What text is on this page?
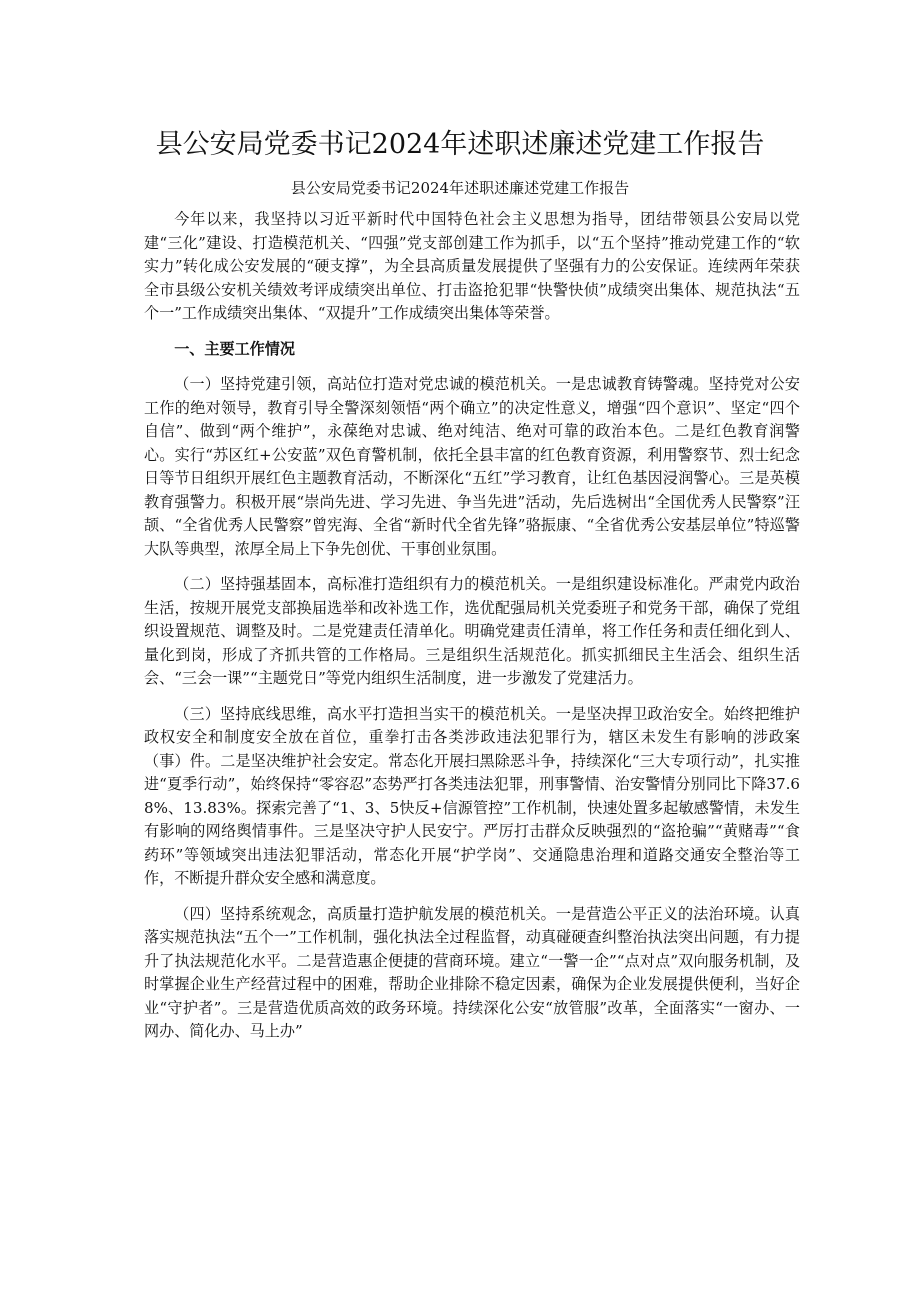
县公安局党委书记2024年述职述廉述党建工作报告
县公安局党委书记2024年述职述廉述党建工作报告

今年以来，我坚持以习近平新时代中国特色社会主义思想为指导，团结带领县公安局以党建“三化”建设、打造模范机关、“四强”党支部创建工作为抓手，以“五个坚持”推动党建工作的“软实力”转化成公安发展的“硬支撑”，为全县高质量发展提供了坚强有力的公安保证。连续两年荣获全市县级公安机关绩效考评成绩突出单位、打击盗抢犯罪“快警快侦”成绩突出集体、规范执法“五个一”工作成绩突出集体、“双提升”工作成绩突出集体等荣誉。

一、主要工作情况

（一）坚持党建引领，高站位打造对党忠诚的模范机关。一是忠诚教育铸警魂。坚持党对公安工作的绝对领导，教育引导全警深刻领悟“两个确立”的决定性意义，增强“四个意识”、坚定“四个自信”、做到“两个维护”，永葆绝对忠诚、绝对纯洁、绝对可靠的政治本色。二是红色教育润警心。实行“苏区红+公安蓝”双色育警机制，依托全县丰富的红色教育资源，利用警察节、烈士纪念日等节日组织开展红色主题教育活动，不断深化“五红”学习教育，让红色基因浸润警心。三是英模教育强警力。积极开展“崇尚先进、学习先进、争当先进”活动，先后选树出“全国优秀人民警察”汪颉、“全省优秀人民警察”曾宪海、全省“新时代全省先锋”骆振康、“全省优秀公安基层单位”特巡警大队等典型，浓厚全局上下争先创优、干事创业氛围。

（二）坚持强基固本，高标准打造组织有力的模范机关。一是组织建设标准化。严肃党内政治生活，按规开展党支部换届选举和改补选工作，选优配强局机关党委班子和党务干部，确保了党组织设置规范、调整及时。二是党建责任清单化。明确党建责任清单，将工作任务和责任细化到人、量化到岗，形成了齐抓共管的工作格局。三是组织生活规范化。抓实抓细民主生活会、组织生活会、“三会一课”“主题党日”等党内组织生活制度，进一步激发了党建活力。

（三）坚持底线思维，高水平打造担当实干的模范机关。一是坚决捍卫政治安全。始终把维护政权安全和制度安全放在首位，重拳打击各类涉政违法犯罪行为，辖区未发生有影响的涉政案（事）件。二是坚决维护社会安定。常态化开展扫黑除恶斗争，持续深化“三大专项行动”，扎实推进“夏季行动”，始终保持“零容忍”态势严打各类违法犯罪，刑事警情、治安警情分别同比下降37.68%、13.83%。探索完善了“1、3、5快反+信源管控”工作机制，快速处置多起敏感警情，未发生有影响的网络舆情事件。三是坚决守护人民安宁。严厉打击群众反映强烈的“盗抢骗”“黄赌毒”“食药环”等领域突出违法犯罪活动，常态化开展“护学岗”、交通隐患治理和道路交通安全整治等工作，不断提升群众安全感和满意度。

（四）坚持系统观念，高质量打造护航发展的模范机关。一是营造公平正义的法治环境。认真落实规范执法“五个一”工作机制，强化执法全过程监督，动真碰硬查纠整治执法突出问题，有力提升了执法规范化水平。二是营造惠企便捷的营商环境。建立“一警一企”“点对点”双向服务机制，及时掌握企业生产经营过程中的困难，帮助企业排除不稳定因素，确保为企业发展提供便利，当好企业“守护者”。三是营造优质高效的政务环境。持续深化公安“放管服”改革，全面落实“一窗办、一网办、简化办、马上办”
